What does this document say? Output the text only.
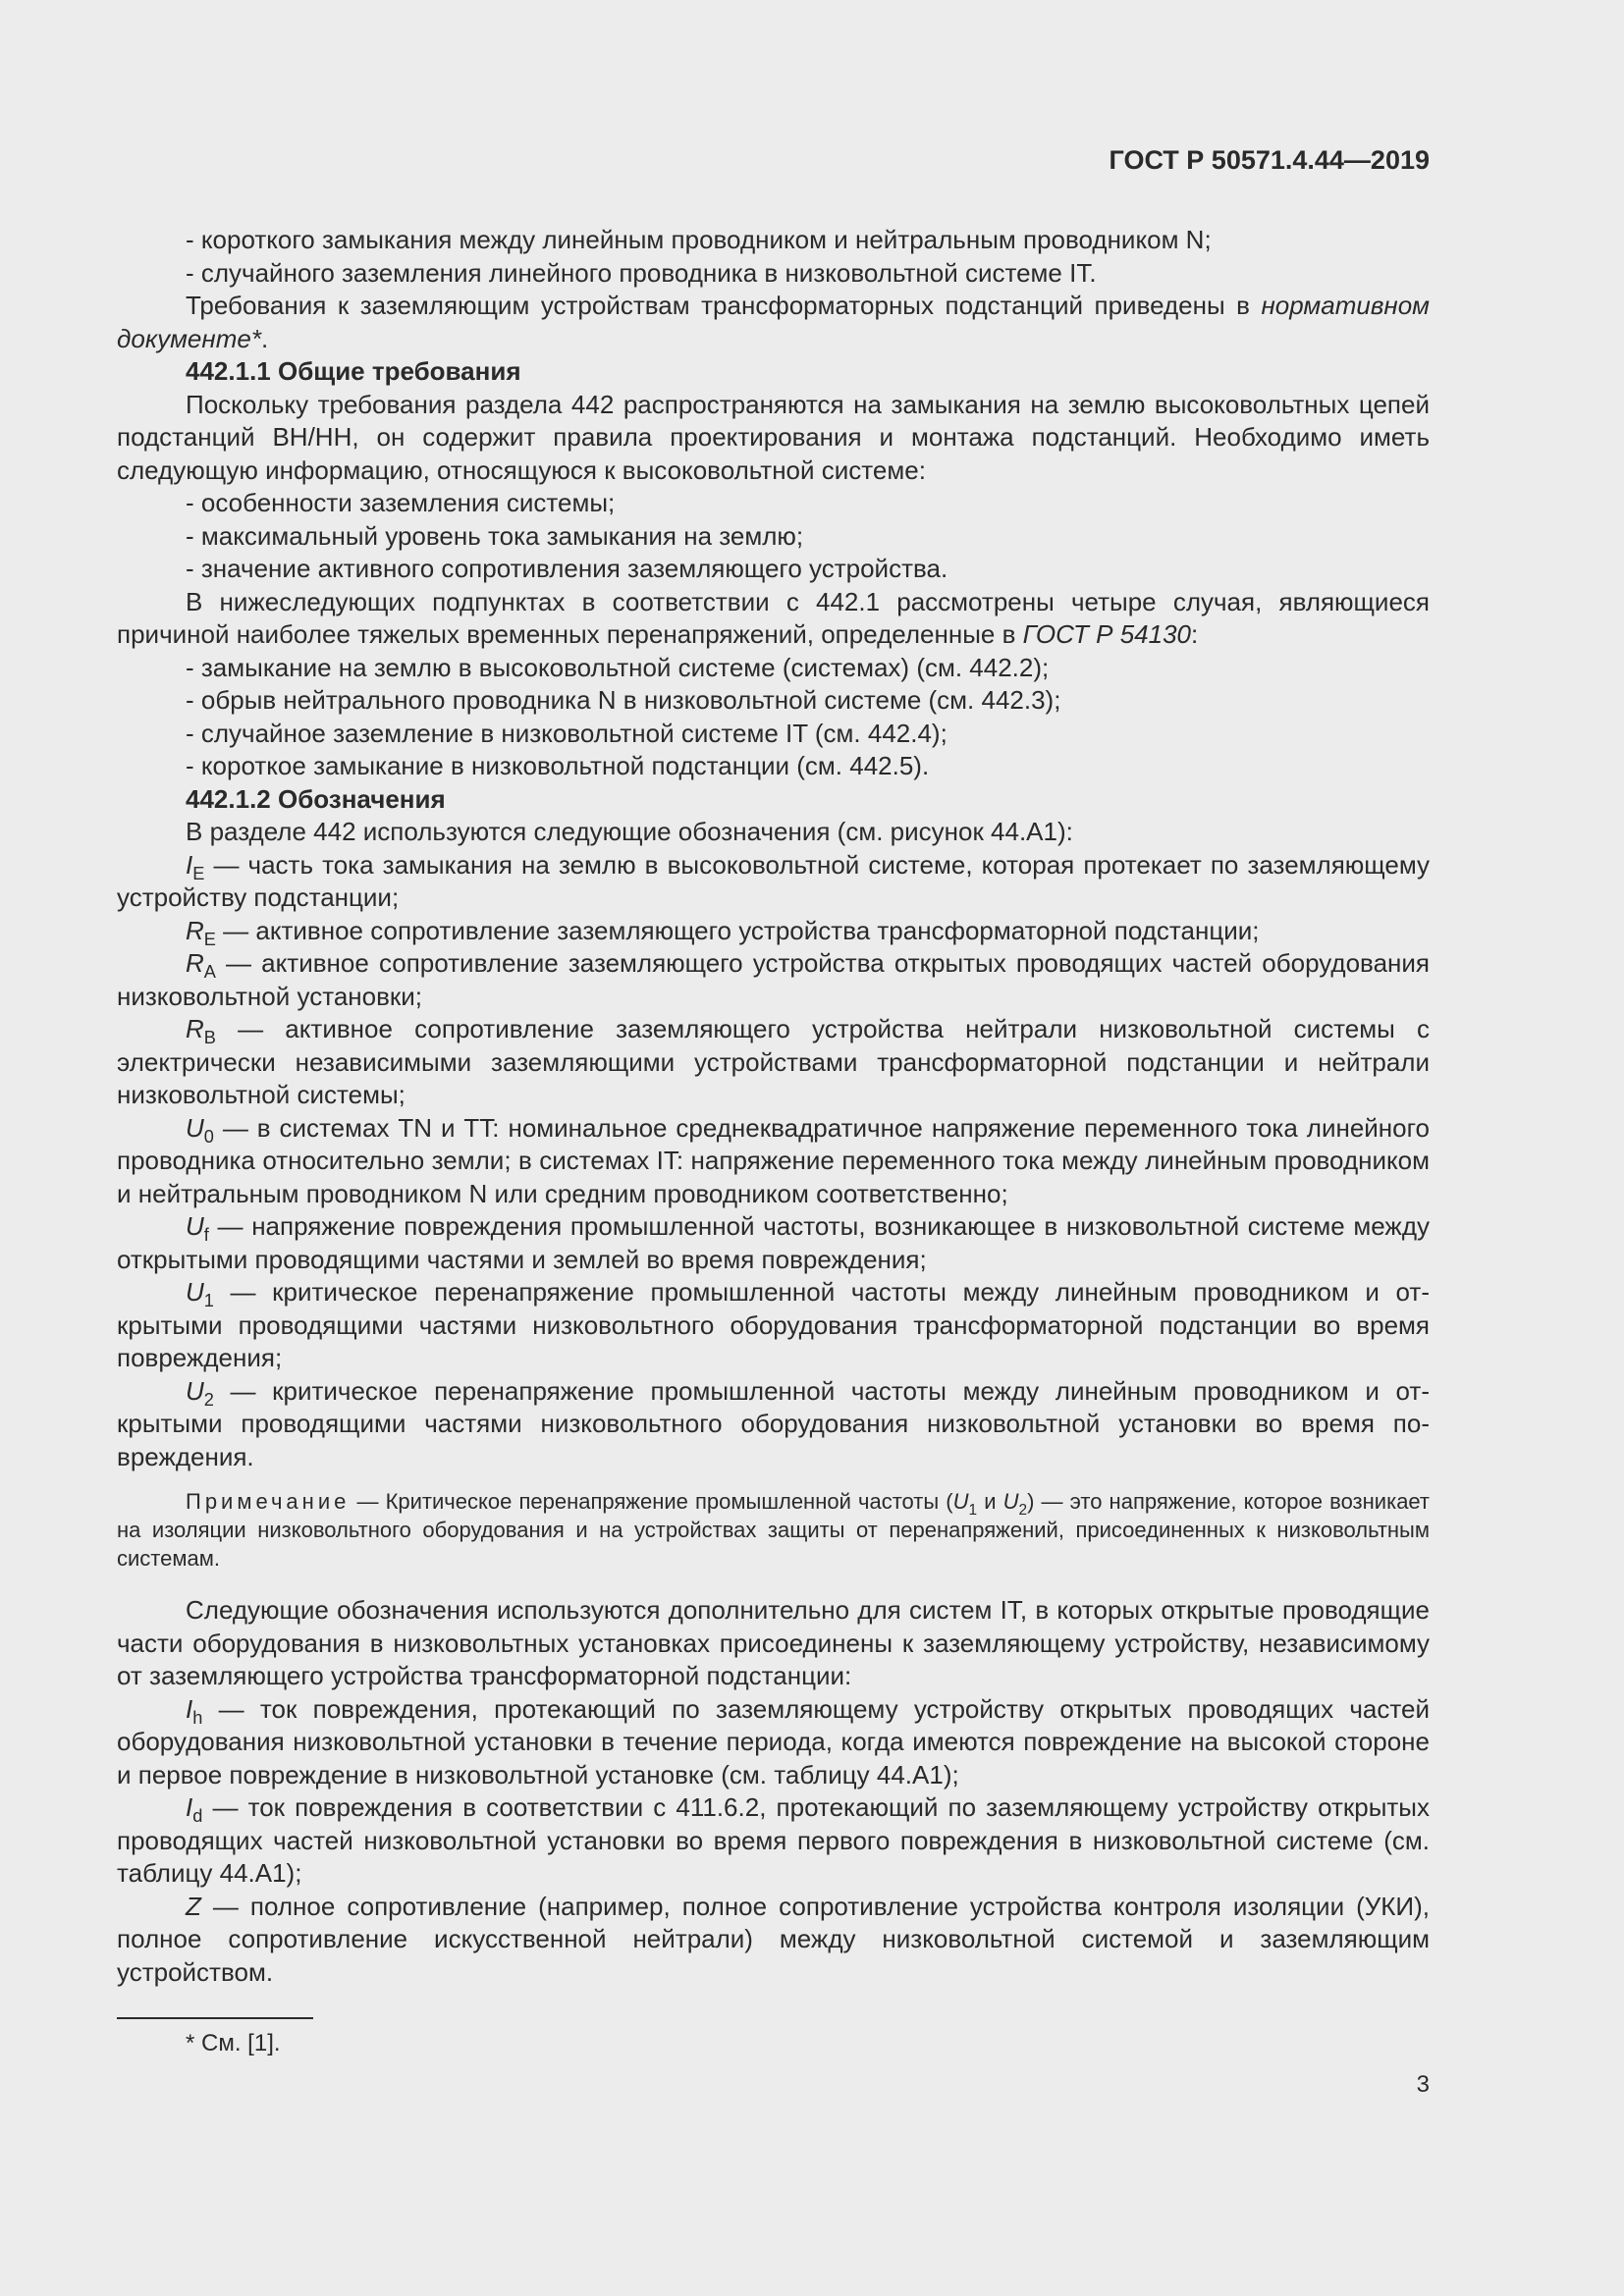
ГОСТ Р 50571.4.44—2019

- короткого замыкания между линейным проводником и нейтральным проводником N;

- случайного заземления линейного проводника в низковольтной системе IT.

Требования к заземляющим устройствам трансформаторных подстанций приведены в нормативном документе*.

442.1.1 Общие требования

Поскольку требования раздела 442 распространяются на замыкания на землю высоковольтных цепей подстанций ВН/НН, он содержит правила проектирования и монтажа подстанций. Необходимо иметь следующую информацию, относящуюся к высоковольтной системе:

- особенности заземления системы;

- максимальный уровень тока замыкания на землю;

- значение активного сопротивления заземляющего устройства.

В нижеследующих подпунктах в соответствии с 442.1 рассмотрены четыре случая, являющиеся причиной наиболее тяжелых временных перенапряжений, определенные в ГОСТ Р 54130:

- замыкание на землю в высоковольтной системе (системах) (см. 442.2);

- обрыв нейтрального проводника N в низковольтной системе (см. 442.3);

- случайное заземление в низковольтной системе IT (см. 442.4);

- короткое замыкание в низковольтной подстанции (см. 442.5).

442.1.2 Обозначения

В разделе 442 используются следующие обозначения (см. рисунок 44.А1):

$I_E$ — часть тока замыкания на землю в высоковольтной системе, которая протекает по заземляющему устройству подстанции;

$R_E$ — активное сопротивление заземляющего устройства трансформаторной подстанции;

$R_A$ — активное сопротивление заземляющего устройства открытых проводящих частей оборудования низковольтной установки;

$R_B$ — активное сопротивление заземляющего устройства нейтрали низковольтной системы с электрически независимыми заземляющими устройствами трансформаторной подстанции и нейтрали низковольтной системы;

$U_0$ — в системах TN и TT: номинальное среднеквадратичное напряжение переменного тока линейного проводника относительно земли; в системах IT: напряжение переменного тока между линейным проводником и нейтральным проводником N или средним проводником соответственно;

$U_f$ — напряжение повреждения промышленной частоты, возникающее в низковольтной системе между открытыми проводящими частями и землей во время повреждения;

$U_1$ — критическое перенапряжение промышленной частоты между линейным проводником и открытыми проводящими частями низковольтного оборудования трансформаторной подстанции во время повреждения;

$U_2$ — критическое перенапряжение промышленной частоты между линейным проводником и открытыми проводящими частями низковольтного оборудования низковольтной установки во время повреждения.

Примечание — Критическое перенапряжение промышленной частоты ($U_1$ и $U_2$) — это напряжение, которое возникает на изоляции низковольтного оборудования и на устройствах защиты от перенапряжений, присоединенных к низковольтным системам.

Следующие обозначения используются дополнительно для систем IT, в которых открытые проводящие части оборудования в низковольтных установках присоединены к заземляющему устройству, независимому от заземляющего устройства трансформаторной подстанции:

$I_h$ — ток повреждения, протекающий по заземляющему устройству открытых проводящих частей оборудования низковольтной установки в течение периода, когда имеются повреждение на высокой стороне и первое повреждение в низковольтной установке (см. таблицу 44.А1);

$I_d$ — ток повреждения в соответствии с 411.6.2, протекающий по заземляющему устройству открытых проводящих частей низковольтной установки во время первого повреждения в низковольтной системе (см. таблицу 44.А1);

Z — полное сопротивление (например, полное сопротивление устройства контроля изоляции (УКИ), полное сопротивление искусственной нейтрали) между низковольтной системой и заземляющим устройством.

* См. [1].
3
